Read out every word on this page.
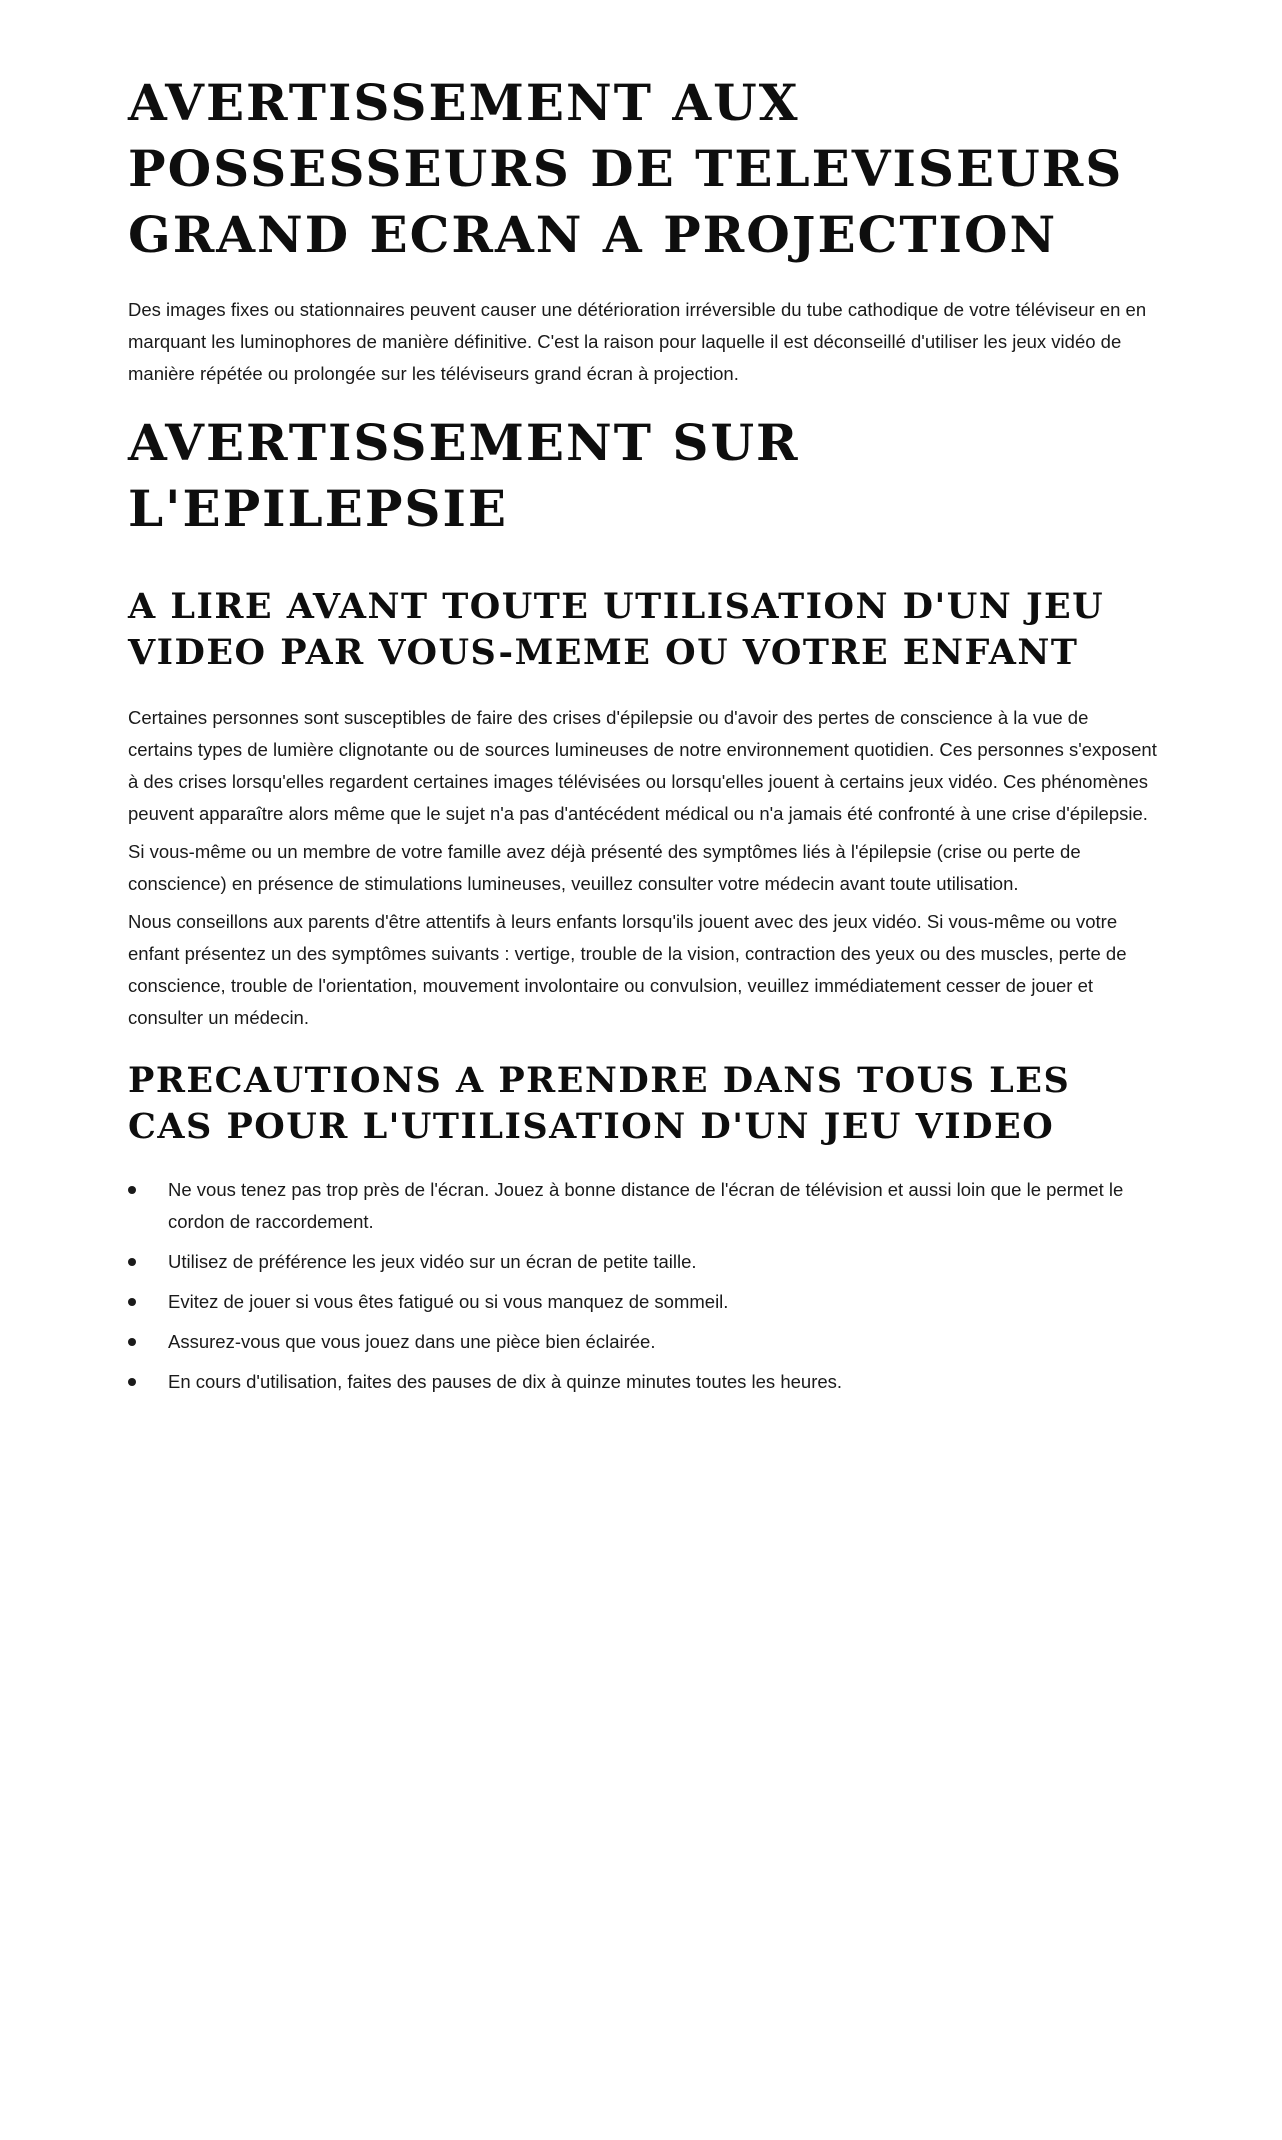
AVERTISSEMENT AUX POSSESSEURS DE TELEVISEURS GRAND ECRAN A PROJECTION

Des images fixes ou stationnaires peuvent causer une détérioration irréversible du tube cathodique de votre téléviseur en en marquant les luminophores de manière définitive. C'est la raison pour laquelle il est déconseillé d'utiliser les jeux vidéo de manière répétée ou prolongée sur les téléviseurs grand écran à projection.

AVERTISSEMENT SUR L'EPILEPSIE
A LIRE AVANT TOUTE UTILISATION D'UN JEU VIDEO PAR VOUS-MEME OU VOTRE ENFANT

Certaines personnes sont susceptibles de faire des crises d'épilepsie ou d'avoir des pertes de conscience à la vue de certains types de lumière clignotante ou de sources lumineuses de notre environnement quotidien. Ces personnes s'exposent à des crises lorsqu'elles regardent certaines images télévisées ou lorsqu'elles jouent à certains jeux vidéo. Ces phénomènes peuvent apparaître alors même que le sujet n'a pas d'antécédent médical ou n'a jamais été confronté à une crise d'épilepsie.

Si vous-même ou un membre de votre famille avez déjà présenté des symptômes liés à l'épilepsie (crise ou perte de conscience) en présence de stimulations lumineuses, veuillez consulter votre médecin avant toute utilisation.

Nous conseillons aux parents d'être attentifs à leurs enfants lorsqu'ils jouent avec des jeux vidéo. Si vous-même ou votre enfant présentez un des symptômes suivants : vertige, trouble de la vision, contraction des yeux ou des muscles, perte de conscience, trouble de l'orientation, mouvement involontaire ou convulsion, veuillez immédiatement cesser de jouer et consulter un médecin.

PRECAUTIONS A PRENDRE DANS TOUS LES CAS POUR L'UTILISATION D'UN JEU VIDEO
Ne vous tenez pas trop près de l'écran. Jouez à bonne distance de l'écran de télévision et aussi loin que le permet le cordon de raccordement.
Utilisez de préférence les jeux vidéo sur un écran de petite taille.
Evitez de jouer si vous êtes fatigué ou si vous manquez de sommeil.
Assurez-vous que vous jouez dans une pièce bien éclairée.
En cours d'utilisation, faites des pauses de dix à quinze minutes toutes les heures.
